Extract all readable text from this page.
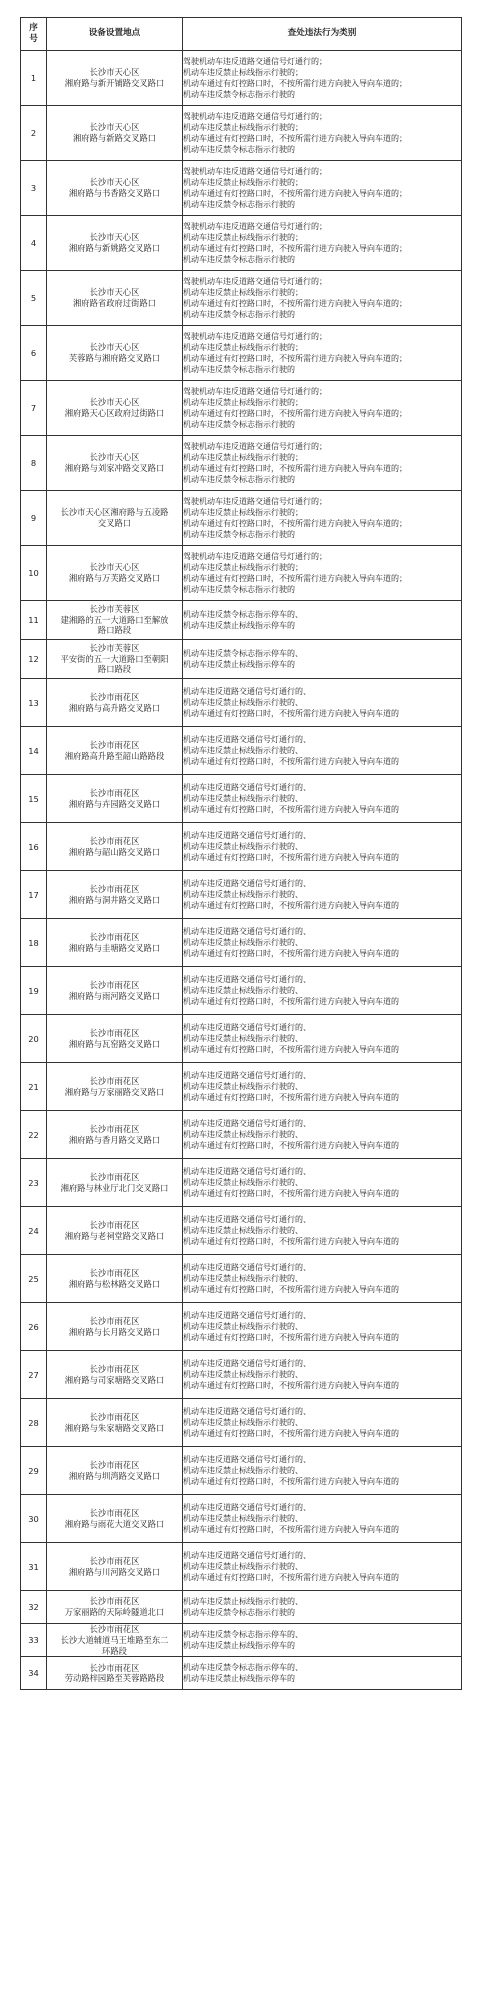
序
号	设备设置地点	查处违法行为类别
1	长沙市天心区
湘府路与新开铺路交叉路口	驾驶机动车违反道路交通信号灯通行的；
机动车违反禁止标线指示行驶的；
机动车通过有灯控路口时，不按所需行进方向驶入导向车道的；
机动车违反禁令标志指示行驶的

2	长沙市天心区
湘府路与新路交叉路口	驾驶机动车违反道路交通信号灯通行的；
机动车违反禁止标线指示行驶的；
机动车通过有灯控路口时，不按所需行进方向驶入导向车道的；
机动车违反禁令标志指示行驶的

3	长沙市天心区
湘府路与书香路交叉路口	驾驶机动车违反道路交通信号灯通行的；
机动车违反禁止标线指示行驶的；
机动车通过有灯控路口时，不按所需行进方向驶入导向车道的；
机动车违反禁令标志指示行驶的

4	长沙市天心区
湘府路与新姚路交叉路口	驾驶机动车违反道路交通信号灯通行的；
机动车违反禁止标线指示行驶的；
机动车通过有灯控路口时，不按所需行进方向驶入导向车道的；
机动车违反禁令标志指示行驶的

5	长沙市天心区
湘府路省政府过街路口	驾驶机动车违反道路交通信号灯通行的；
机动车违反禁止标线指示行驶的；
机动车通过有灯控路口时，不按所需行进方向驶入导向车道的；
机动车违反禁令标志指示行驶的

6	长沙市天心区
芙蓉路与湘府路交叉路口	驾驶机动车违反道路交通信号灯通行的；
机动车违反禁止标线指示行驶的；
机动车通过有灯控路口时，不按所需行进方向驶入导向车道的；
机动车违反禁令标志指示行驶的

7	长沙市天心区
湘府路天心区政府过街路口	驾驶机动车违反道路交通信号灯通行的；
机动车违反禁止标线指示行驶的；
机动车通过有灯控路口时，不按所需行进方向驶入导向车道的；
机动车违反禁令标志指示行驶的

8	长沙市天心区
湘府路与刘家冲路交叉路口	驾驶机动车违反道路交通信号灯通行的；
机动车违反禁止标线指示行驶的；
机动车通过有灯控路口时，不按所需行进方向驶入导向车道的；
机动车违反禁令标志指示行驶的

9	长沙市天心区湘府路与五凌路
交叉路口	驾驶机动车违反道路交通信号灯通行的；
机动车违反禁止标线指示行驶的；
机动车通过有灯控路口时，不按所需行进方向驶入导向车道的；
机动车违反禁令标志指示行驶的

10	长沙市天心区
湘府路与万芙路交叉路口	驾驶机动车违反道路交通信号灯通行的；
机动车违反禁止标线指示行驶的；
机动车通过有灯控路口时，不按所需行进方向驶入导向车道的；
机动车违反禁令标志指示行驶的

11	长沙市芙蓉区
建湘路的五一大道路口至解放
路口路段	机动车违反禁令标志指示停车的、
机动车违反禁止标线指示停车的

12	长沙市芙蓉区
平安街的五一大道路口至朝阳
路口路段	机动车违反禁令标志指示停车的、
机动车违反禁止标线指示停车的

13	长沙市雨花区
湘府路与高升路交叉路口	机动车违反道路交通信号灯通行的、
机动车违反禁止标线指示行驶的、
机动车通过有灯控路口时，不按所需行进方向驶入导向车道的

14	长沙市雨花区
湘府路高升路至韶山路路段	机动车违反道路交通信号灯通行的、
机动车违反禁止标线指示行驶的、
机动车通过有灯控路口时，不按所需行进方向驶入导向车道的

15	长沙市雨花区
湘府路与卉园路交叉路口	机动车违反道路交通信号灯通行的、
机动车违反禁止标线指示行驶的、
机动车通过有灯控路口时，不按所需行进方向驶入导向车道的

16	长沙市雨花区
湘府路与韶山路交叉路口	机动车违反道路交通信号灯通行的、
机动车违反禁止标线指示行驶的、
机动车通过有灯控路口时，不按所需行进方向驶入导向车道的

17	长沙市雨花区
湘府路与洞井路交叉路口	机动车违反道路交通信号灯通行的、
机动车违反禁止标线指示行驶的、
机动车通过有灯控路口时，不按所需行进方向驶入导向车道的

18	长沙市雨花区
湘府路与圭塘路交叉路口	机动车违反道路交通信号灯通行的、
机动车违反禁止标线指示行驶的、
机动车通过有灯控路口时，不按所需行进方向驶入导向车道的

19	长沙市雨花区
湘府路与雨河路交叉路口	机动车违反道路交通信号灯通行的、
机动车违反禁止标线指示行驶的、
机动车通过有灯控路口时，不按所需行进方向驶入导向车道的

20	长沙市雨花区
湘府路与瓦窑路交叉路口	机动车违反道路交通信号灯通行的、
机动车违反禁止标线指示行驶的、
机动车通过有灯控路口时，不按所需行进方向驶入导向车道的

21	长沙市雨花区
湘府路与万家丽路交叉路口	机动车违反道路交通信号灯通行的、
机动车违反禁止标线指示行驶的、
机动车通过有灯控路口时，不按所需行进方向驶入导向车道的

22	长沙市雨花区
湘府路与香月路交叉路口	机动车违反道路交通信号灯通行的、
机动车违反禁止标线指示行驶的、
机动车通过有灯控路口时，不按所需行进方向驶入导向车道的

23	长沙市雨花区
湘府路与林业厅北门交叉路口	机动车违反道路交通信号灯通行的、
机动车违反禁止标线指示行驶的、
机动车通过有灯控路口时，不按所需行进方向驶入导向车道的

24	长沙市雨花区
湘府路与老祠堂路交叉路口	机动车违反道路交通信号灯通行的、
机动车违反禁止标线指示行驶的、
机动车通过有灯控路口时，不按所需行进方向驶入导向车道的

25	长沙市雨花区
湘府路与松林路交叉路口	机动车违反道路交通信号灯通行的、
机动车违反禁止标线指示行驶的、
机动车通过有灯控路口时，不按所需行进方向驶入导向车道的

26	长沙市雨花区
湘府路与长月路交叉路口	机动车违反道路交通信号灯通行的、
机动车违反禁止标线指示行驶的、
机动车通过有灯控路口时，不按所需行进方向驶入导向车道的

27	长沙市雨花区
湘府路与司家塘路交叉路口	机动车违反道路交通信号灯通行的、
机动车违反禁止标线指示行驶的、
机动车通过有灯控路口时，不按所需行进方向驶入导向车道的

28	长沙市雨花区
湘府路与朱家塘路交叉路口	机动车违反道路交通信号灯通行的、
机动车违反禁止标线指示行驶的、
机动车通过有灯控路口时，不按所需行进方向驶入导向车道的

29	长沙市雨花区
湘府路与圳湾路交叉路口	机动车违反道路交通信号灯通行的、
机动车违反禁止标线指示行驶的、
机动车通过有灯控路口时，不按所需行进方向驶入导向车道的

30	长沙市雨花区
湘府路与雨花大道交叉路口	机动车违反道路交通信号灯通行的、
机动车违反禁止标线指示行驶的、
机动车通过有灯控路口时，不按所需行进方向驶入导向车道的

31	长沙市雨花区
湘府路与川河路交叉路口	机动车违反道路交通信号灯通行的、
机动车违反禁止标线指示行驶的、
机动车通过有灯控路口时，不按所需行进方向驶入导向车道的

32	长沙市雨花区
万家丽路的天际岭隧道北口	机动车违反禁止标线指示行驶的、
机动车违反禁令标志指示行驶的

33	长沙市雨花区
长沙大道辅道马王堆路至东二
环路段	机动车违反禁令标志指示停车的、
机动车违反禁止标线指示停车的

34	长沙市雨花区
劳动路梓园路至芙蓉路路段	机动车违反禁令标志指示停车的、
机动车违反禁止标线指示停车的
